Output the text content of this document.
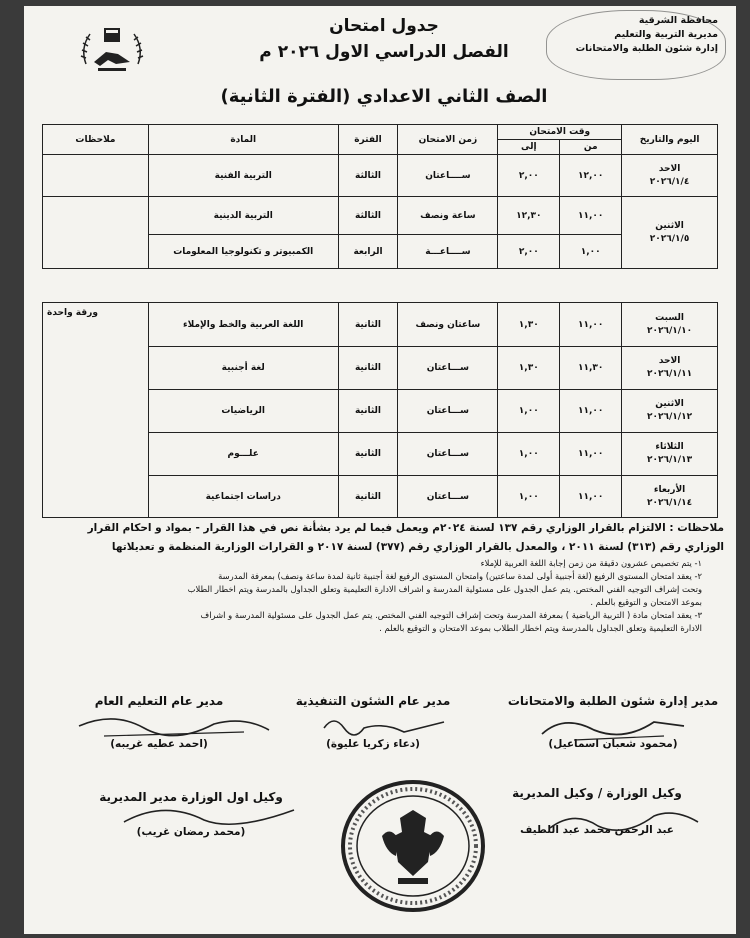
محافظة الشرقية
مديرية التربية والتعليم
إدارة شئون الطلبة والامتحانات
جدول امتحان
الفصل الدراسي الاول ٢٠٢٦ م
الصف الثاني الاعدادي (الفترة الثانية)
اليوم والتاريخ	وقت الامتحان		زمن الامتحان	الفترة	المادة	ملاحظات
	من	إلى				

الاحد
٢٠٢٦/١/٤	١٢,٠٠	٢,٠٠	ســــاعتان	الثالثة	التربية الفنية	

الاثنين
٢٠٢٦/١/٥	١١,٠٠	١٢,٣٠	ساعة ونصف	الثالثة	التربية الدينية	
	١,٠٠	٢,٠٠	ســــاعـــة	الرابعة	الكمبيوتر و تكنولوجيا المعلومات	
السبت
٢٠٢٦/١/١٠	١١,٠٠	١,٣٠	ساعتان ونصف	الثانية	اللغة العربية والخط والإملاء	ورقة واحدة

الاحد
٢٠٢٦/١/١١	١١,٣٠	١,٣٠	ســـاعتان	الثانية	لغة أجنبية	

الاثنين
٢٠٢٦/١/١٢	١١,٠٠	١,٠٠	ســـاعتان	الثانية	الرياضيات	

الثلاثاء
٢٠٢٦/١/١٣	١١,٠٠	١,٠٠	ســـاعتان	الثانية	علـــوم	

الأربعاء
٢٠٢٦/١/١٤	١١,٠٠	١,٠٠	ســـاعتان	الثانية	دراسات اجتماعية	
ملاحظات : الالتزام بالقرار الوزاري رقم ١٣٧ لسنة ٢٠٢٤م ويعمل فيما لم يرد بشأنة نص في هذا القرار - بمواد و احكام القرار
الوزاري رقم (٣١٣) لسنة ٢٠١١ ، والمعدل بالقرار الوزاري رقم (٣٧٧) لسنة ٢٠١٧ و القرارات الوزارية المنظمة و تعديلاتها
١- يتم تخصيص عشرون دقيقة من زمن إجابة اللغة العربية للإملاء
٢- يعقد امتحان المستوى الرفيع (لغة أجنبية أولى لمدة ساعتين) وامتحان المستوى الرفيع لغة أجنبية ثانية لمدة ساعة ونصف) بمعرفة المدرسة
وتحت إشراف التوجيه الفني المختص. يتم عمل الجدول على مسئولية المدرسة و اشراف الادارة التعليمية وتعلق الجداول بالمدرسة ويتم اخطار الطلاب
بموعد الامتحان و التوقيع بالعلم .
٣- يعقد امتحان مادة ( التربية الرياضية ) بمعرفة المدرسة وتحت إشراف التوجيه الفني المختص. يتم عمل الجدول على مسئولية المدرسة و اشراف
الادارة التعليمية وتعلق الجداول بالمدرسة ويتم اخطار الطلاب بموعد الامتحان و التوقيع بالعلم .
مدير إدارة شئون الطلبة والامتحانات
(محمود شعبان اسماعيل)
مدير عام الشئون التنفيذية
(دعاء زكريا عليوة)
مدير عام التعليم العام
(احمد عطيه غريبه)
وكيل الوزارة / وكيل المديرية
عبد الرحمن محمد عبد اللطيف
وكيل اول الوزارة مدير المديرية
(محمد رمضان غريب)
